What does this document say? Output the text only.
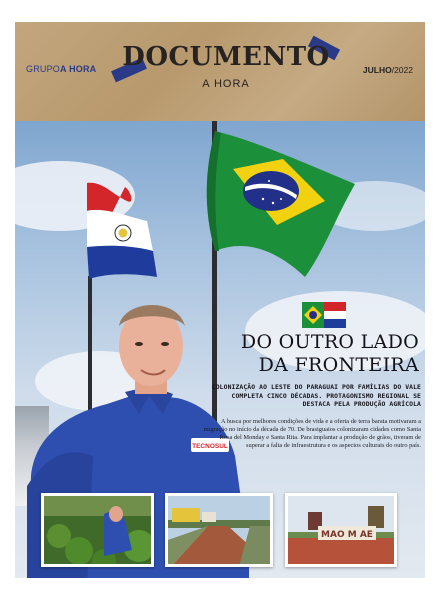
GRUPOA HORA DOCUMENTO
A HORA
JULHO/2022
TECNOSUL
DO OUTRO LADO
DA FRONTEIRA
COLONIZAÇÃO AO LESTE DO PARAGUAI POR FAMÍLIAS DO VALE COMPLETA CINCO DÉCADAS. PROTAGONISMO REGIONAL SE DESTACA PELA PRODUÇÃO AGRÍCOLA
A busca por melhores condições de vida e a oferta de terra barata motivaram a migração no início da década de 70. De brasiguaios colonizaram cidades como Santa Rosa del Monday e Santa Rita. Para implantar a produção de grãos, tiveram de superar a falta de infraestrutura e os aspectos culturais do outro país.
MAO M AE
